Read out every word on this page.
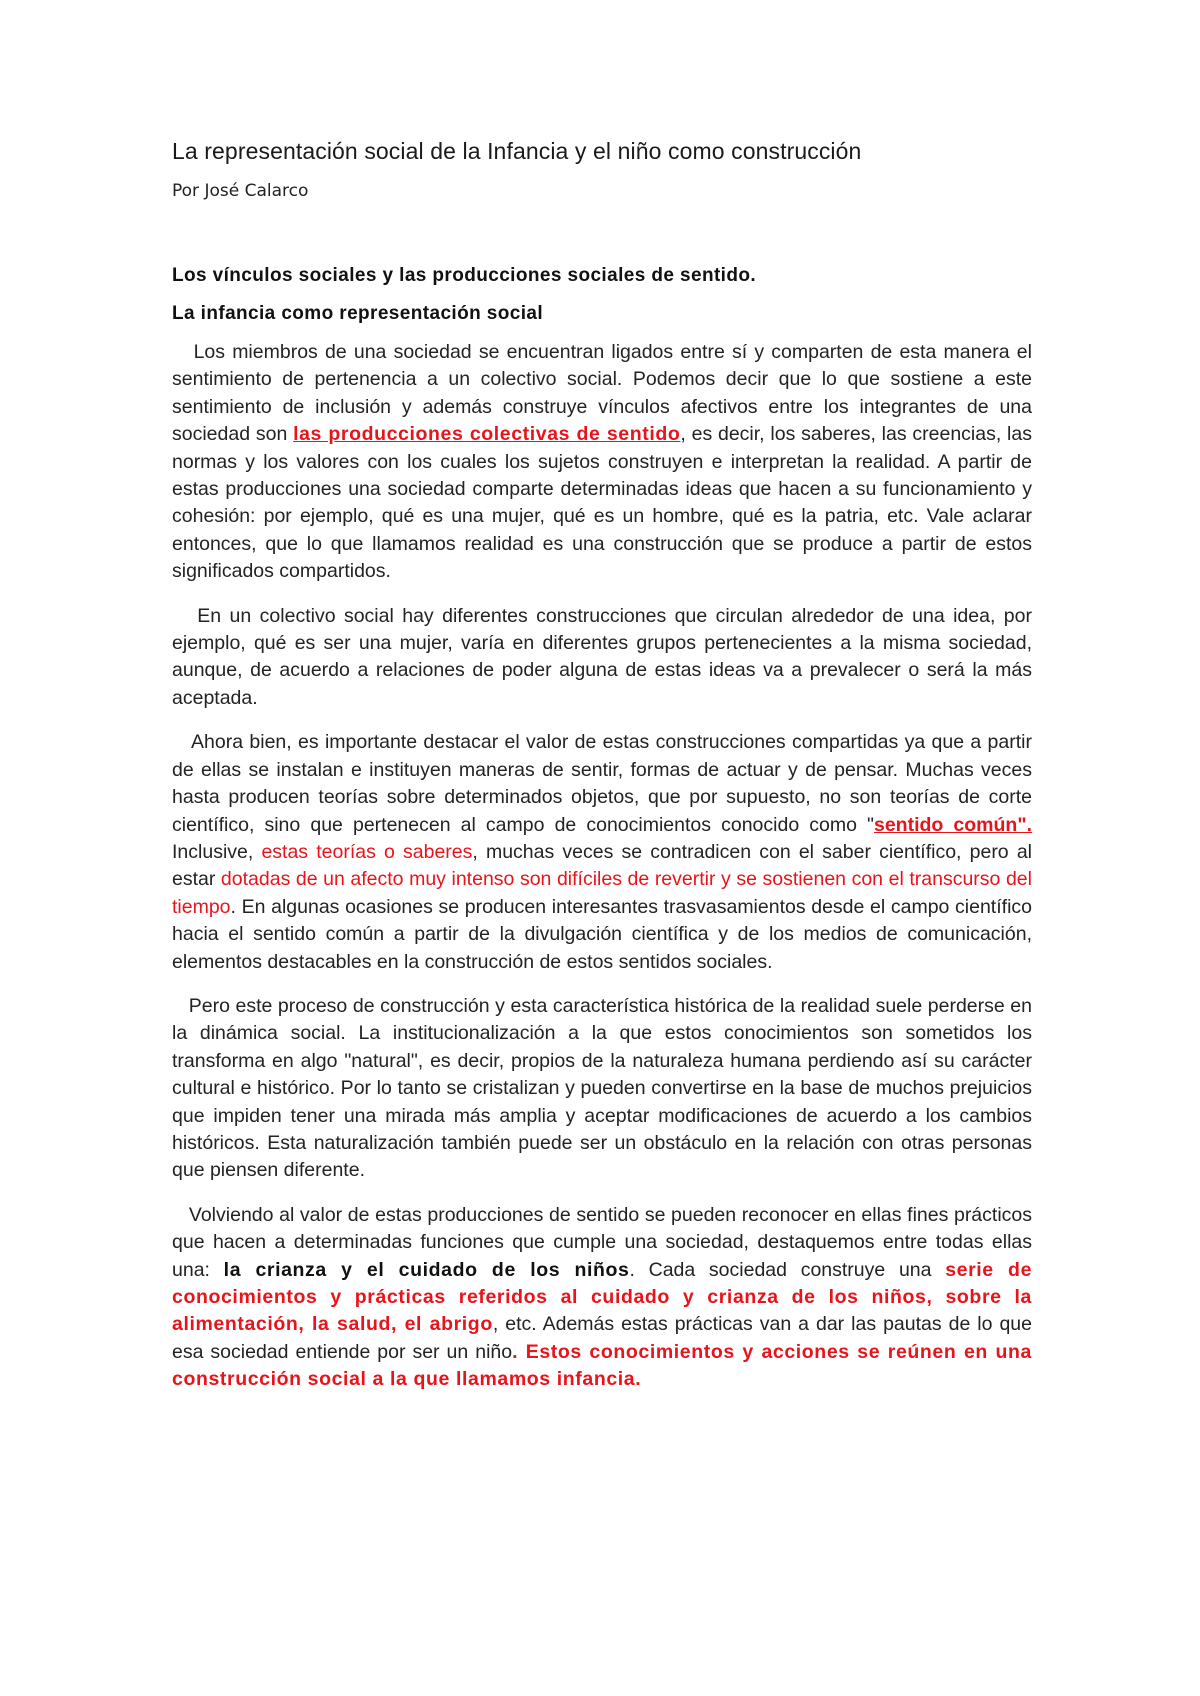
La representación social de la Infancia y el niño como construcción
Por José Calarco
Los vínculos sociales y las producciones sociales de sentido.
La infancia como representación social

Los miembros de una sociedad se encuentran ligados entre sí y comparten de esta manera el sentimiento de pertenencia a un colectivo social. Podemos decir que lo que sostiene a este sentimiento de inclusión y además construye vínculos afectivos entre los integrantes de una sociedad son las producciones colectivas de sentido, es decir, los saberes, las creencias, las normas y los valores con los cuales los sujetos construyen e interpretan la realidad. A partir de estas producciones una sociedad comparte determinadas ideas que hacen a su funcionamiento y cohesión: por ejemplo, qué es una mujer, qué es un hombre, qué es la patria, etc. Vale aclarar entonces, que lo que llamamos realidad es una construcción que se produce a partir de estos significados compartidos.

En un colectivo social hay diferentes construcciones que circulan alrededor de una idea, por ejemplo, qué es ser una mujer, varía en diferentes grupos pertenecientes a la misma sociedad, aunque, de acuerdo a relaciones de poder alguna de estas ideas va a prevalecer o será la más aceptada.

Ahora bien, es importante destacar el valor de estas construcciones compartidas ya que a partir de ellas se instalan e instituyen maneras de sentir, formas de actuar y de pensar. Muchas veces hasta producen teorías sobre determinados objetos, que por supuesto, no son teorías de corte científico, sino que pertenecen al campo de conocimientos conocido como "sentido común". Inclusive, estas teorías o saberes, muchas veces se contradicen con el saber científico, pero al estar dotadas de un afecto muy intenso son difíciles de revertir y se sostienen con el transcurso del tiempo. En algunas ocasiones se producen interesantes trasvasamientos desde el campo científico hacia el sentido común a partir de la divulgación científica y de los medios de comunicación, elementos destacables en la construcción de estos sentidos sociales.

Pero este proceso de construcción y esta característica histórica de la realidad suele perderse en la dinámica social. La institucionalización a la que estos conocimientos son sometidos los transforma en algo "natural", es decir, propios de la naturaleza humana perdiendo así su carácter cultural e histórico. Por lo tanto se cristalizan y pueden convertirse en la base de muchos prejuicios que impiden tener una mirada más amplia y aceptar modificaciones de acuerdo a los cambios históricos. Esta naturalización también puede ser un obstáculo en la relación con otras personas que piensen diferente.

Volviendo al valor de estas producciones de sentido se pueden reconocer en ellas fines prácticos que hacen a determinadas funciones que cumple una sociedad, destaquemos entre todas ellas una: la crianza y el cuidado de los niños. Cada sociedad construye una serie de conocimientos y prácticas referidos al cuidado y crianza de los niños, sobre la alimentación, la salud, el abrigo, etc. Además estas prácticas van a dar las pautas de lo que esa sociedad entiende por ser un niño. Estos conocimientos y acciones se reúnen en una construcción social a la que llamamos infancia.
